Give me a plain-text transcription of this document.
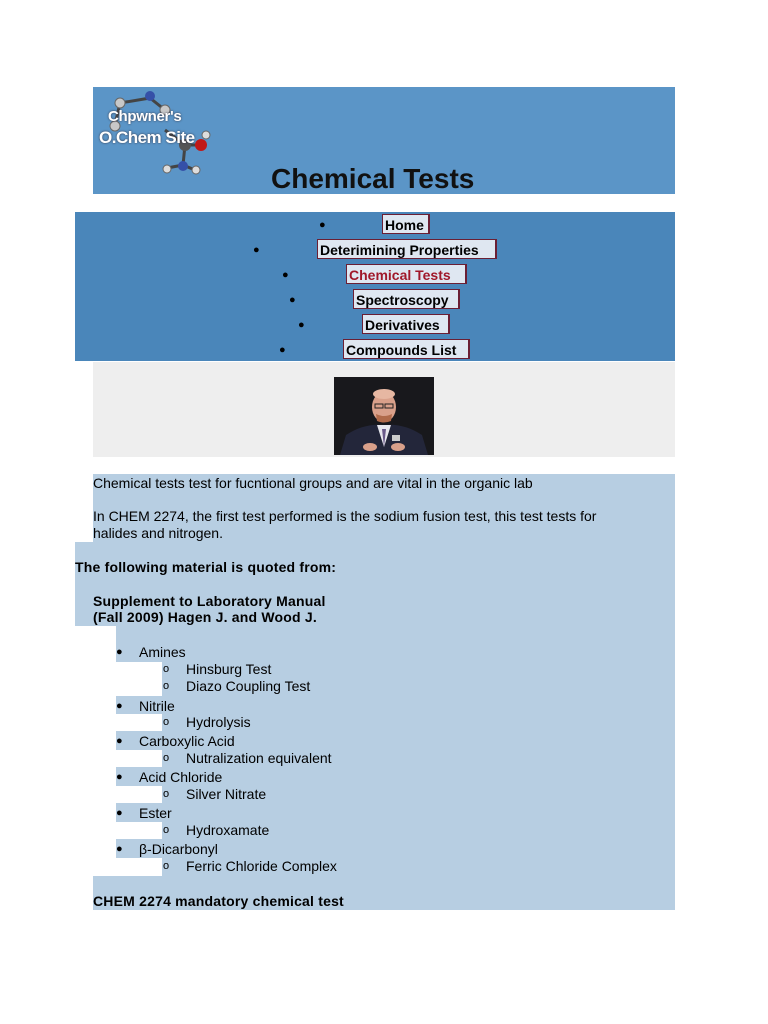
Chpwner's
O.Chem Site
Chemical Tests
●	Home
●	Deterimining Properties
●	Chemical Tests
●	Spectroscopy
●	Derivatives
●	Compounds List
Chemical tests test for fucntional groups and are vital in the organic lab
In CHEM 2274, the first test performed is the sodium fusion test, this test tests for
halides and nitrogen.
The following material is quoted from:
Supplement to Laboratory Manual
(Fall 2009) Hagen J. and Wood J.
● Amines
o Hinsburg Test
o Diazo Coupling Test
● Nitrile
o Hydrolysis
● Carboxylic Acid
o Nutralization equivalent
● Acid Chloride
o Silver Nitrate
● Ester
o Hydroxamate
● β-Dicarbonyl
o Ferric Chloride Complex
CHEM 2274 mandatory chemical test
